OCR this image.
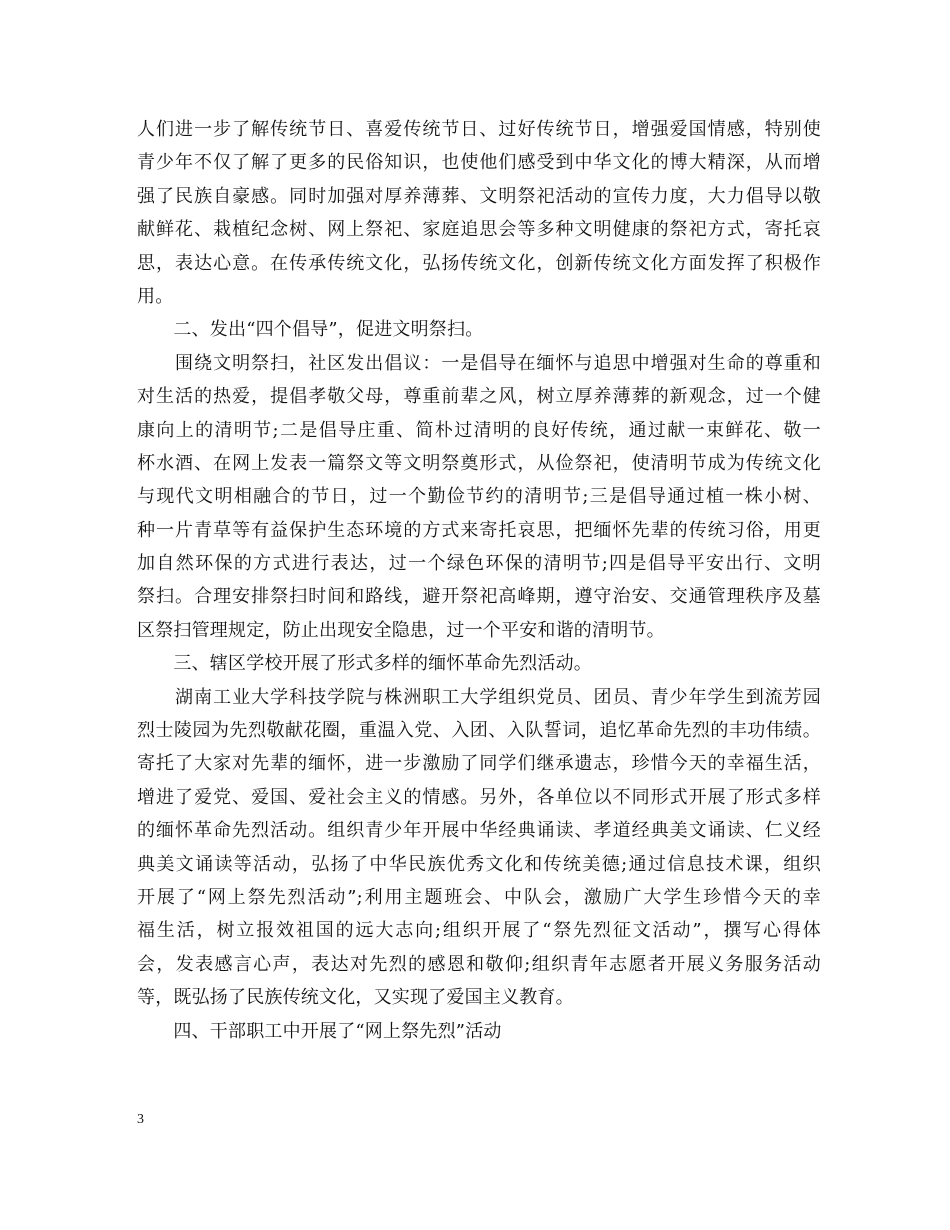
人们进一步了解传统节日、喜爱传统节日、过好传统节日，增强爱国情感，特别使
青少年不仅了解了更多的民俗知识，也使他们感受到中华文化的博大精深，从而增
强了民族自豪感。同时加强对厚养薄葬、文明祭祀活动的宣传力度，大力倡导以敬
献鲜花、栽植纪念树、网上祭祀、家庭追思会等多种文明健康的祭祀方式，寄托哀
思，表达心意。在传承传统文化，弘扬传统文化，创新传统文化方面发挥了积极作
用。
　　二、发出“四个倡导”，促进文明祭扫。
　　围绕文明祭扫，社区发出倡议：一是倡导在缅怀与追思中增强对生命的尊重和
对生活的热爱，提倡孝敬父母，尊重前辈之风，树立厚养薄葬的新观念，过一个健
康向上的清明节;二是倡导庄重、简朴过清明的良好传统，通过献一束鲜花、敬一
杯水酒、在网上发表一篇祭文等文明祭奠形式，从俭祭祀，使清明节成为传统文化
与现代文明相融合的节日，过一个勤俭节约的清明节;三是倡导通过植一株小树、
种一片青草等有益保护生态环境的方式来寄托哀思，把缅怀先辈的传统习俗，用更
加自然环保的方式进行表达，过一个绿色环保的清明节;四是倡导平安出行、文明
祭扫。合理安排祭扫时间和路线，避开祭祀高峰期，遵守治安、交通管理秩序及墓
区祭扫管理规定，防止出现安全隐患，过一个平安和谐的清明节。
　　三、辖区学校开展了形式多样的缅怀革命先烈活动。
　　湖南工业大学科技学院与株洲职工大学组织党员、团员、青少年学生到流芳园
烈士陵园为先烈敬献花圈，重温入党、入团、入队誓词，追忆革命先烈的丰功伟绩。
寄托了大家对先辈的缅怀，进一步激励了同学们继承遗志，珍惜今天的幸福生活，
增进了爱党、爱国、爱社会主义的情感。另外，各单位以不同形式开展了形式多样
的缅怀革命先烈活动。组织青少年开展中华经典诵读、孝道经典美文诵读、仁义经
典美文诵读等活动，弘扬了中华民族优秀文化和传统美德;通过信息技术课，组织
开展了“网上祭先烈活动”;利用主题班会、中队会，激励广大学生珍惜今天的幸
福生活，树立报效祖国的远大志向;组织开展了“祭先烈征文活动”，撰写心得体
会，发表感言心声，表达对先烈的感恩和敬仰;组织青年志愿者开展义务服务活动
等，既弘扬了民族传统文化，又实现了爱国主义教育。
　　四、干部职工中开展了“网上祭先烈”活动
3
